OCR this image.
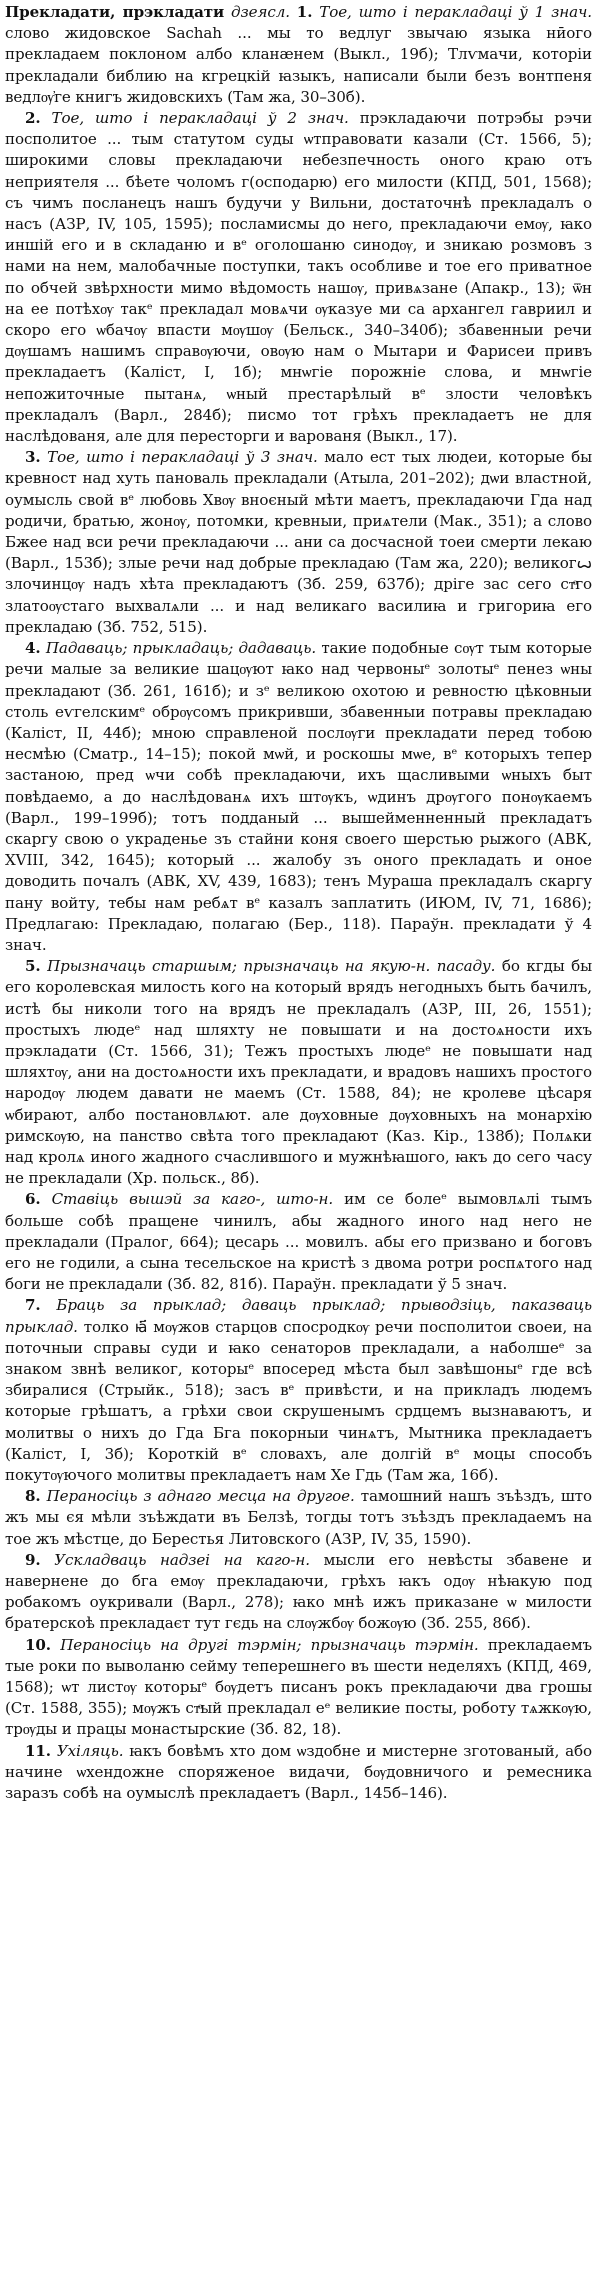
Прекладати, прэкладати дзеясл. 1. Тое, што і перакладаці ў 1 знач. слово жидовское Sachah ... мы то ведлуг звычаю языка нӣого прекладаем поклоном албо кланӕнем (Выкл., 19б); Тлѵмачи, которіи прекладали библию на кгрецкій ꙗзыкъ, написали были безъ вонтпеня ведлѹ҆ге книгъ жидовскихъ (Там жа, 30–30б).

2. Тое, што і перакладаці ў 2 знач. прэкладаючи потрэбы рэчи посполитое ... тым статутом суды ѡтправовати казали (Ст. 1566, 5); широкими словы прекладаючи небезпечность оного краю отъ неприятеля ... бѣете чоломъ г(осподарю) его милости (КПД, 501, 1568); съ чимъ посланецъ нашъ будучи у Вильни, достаточнѣ прекладалъ о насъ (АЗР, IV, 105, 1595); посламисмы до него, прекладаючи емѹ, ꙗко иншій его и в складаню и вᵉ оголошаню синодѹ, и зникаю розмовъ з нами на нем, малобачные поступки, такъ особливе и тое его приватное по обчей звѣрхности мимо вѣдомость нашѹ, привѧзане (Апакр., 13); ѿн на ее потѣхѹ такᵉ прекладал мовѧчи ѹказуе ми са архангел гавриил и скоро его ѡбачѹ впасти мѹшѹ (Бельск., 340–340б); збавенныи речи дѹшамъ нашимъ справѹючи, овѹю нам о Мытари и Фарисеи привъ прекладаетъ (Каліст, І, 1б); мнѡгіе порожніе слова, и мнѡгіе непожиточные пытанѧ, ѡный престарѣлый вᵉ злости человѣкъ прекладалъ (Варл., 284б); писмо тот грѣхъ прекладаетъ не для наслѣдованя, але для пересторги и варованя (Выкл., 17).

3. Тое, што і перакладаці ў 3 знач. мало ест тых людеи, которые бы кревност над хуть пановаль прекладали (Атыла, 201–202); дѡи властной, оумысль свой вᵉ любовь Хвѹ вноєный мѣти маетъ, прекладаючи Гдa над родичи, братью, жонѹ, потомки, кревныи, приѧтели (Мак., 351); а слово Бжее над вси речи прекладаючи ... ани са досчасной тоеи смерти лекаю (Варл., 153б); злые речи над добрые прекладаю (Там жа, 220); великогꙍ злочинцѹ надъ хѣта прекладаютъ (Зб. 259, 637б); дріге зас сего стͦго златоѹстаго выхвалѧли ... и над великаго василиꙗ и григориꙗ его прекладаю (Зб. 752, 515).

4. Падаваць; прыкладаць; дадаваць. такие подобные сѹт тым которые речи малые за великие шацѹют ꙗко над червоныᵉ золотыᵉ пенез ѡны прекладают (Зб. 261, 161б); и зᵉ великою охотою и ревностю цѣковныи столь еѵгелскимᵉ обрѹсомъ прикривши, збавенныи потравы прекладаю (Каліст, ІІ, 44б); мною справленой послѹги прекладати перед тобою несмѣю (Сматр., 14–15); покой мѡй, и роскошы мѡе, вᵉ которыхъ тепер застаною, пред ѡчи собѣ прекладаючи, ихъ щасливыми ѡныхъ быт повѣдаемо, а до наслѣдованѧ ихъ штѹкъ, ѡдинъ дрѹгого понѹкаемъ (Варл., 199–199б); тотъ подданый ... вышейменненный прекладатъ скаргу свою о украденье зъ стайни коня своего шерстью рыжого (АВК, XVIII, 342, 1645); который ... жалобу зъ оного прекладать и оное доводить почалъ (АВК, XV, 439, 1683); тенъ Мураша прекладалъ скаргу пану войту, тебы нам ребѧт вᵉ казалъ заплатить (ИЮМ, IV, 71, 1686); Предлагаю: Прекладаю, полагаю (Бер., 118). Параўн. прекладати ў 4 знач.

5. Прызначаць старшым; прызначаць на якую-н. пасаду. бо кгды бы его королевская милость кого на который врядъ негодныхъ быть бачилъ, истѣ бы николи того на врядъ не прекладалъ (АЗР, ІІІ, 26, 1551); простыхъ людеᵉ над шляхту не повышати и на достоѧности ихъ прэкладати (Ст. 1566, 31); Тежъ простыхъ людеᵉ не повышати над шляхтѹ, ани на достоѧности ихъ прекладати, и врадовъ нашихъ простого народѹ людем давати не маемъ (Ст. 1588, 84); не кролеве цѣсаря ѡбирают, албо постановлѧют. але дѹховные дѹховныхъ на монархію римскѹю, на панство свѣта того прекладают (Каз. Кір., 138б); Полѧки над кролѧ иного жадного счаслившого и мужнѣꙗшого, ꙗкъ до сего часу не прекладали (Хр. польск., 8б).

6. Ставіць вышэй за каго-, што-н. им се болеᵉ вымовлѧлі тымъ больше собѣ пращене чинилъ, абы жадного иного над него не прекладали (Пралог, 664); цесарь ... мовилъ. абы его призвано и боговъ его не годили, а сына тесельское на кристѣ з двома ротри роспѧтого над боги не прекладали (Зб. 82, 81б). Параўн. прекладати ў 5 знач.

7. Браць за прыклад; даваць прыклад; прыводзіць, паказваць прыклад. толко ꙗ҃ мѹжов старцов спосродкѹ речи посполитои своеи, на поточныи справы суди и ꙗко сенаторов прекладали, а наболшеᵉ за знаком звнѣ великог, которыᵉ впосеред мѣста был завѣшоныᵉ где всѣ збиралися (Стрыйк., 518); засъ вᵉ привѣсти, и на прикладъ людемъ которые грѣшатъ, а грѣхи свои скрушенымъ срдцемъ вызнаваютъ, и молитвы о нихъ до Гда Бга покорныи чинѧтъ, Мытника прекладаетъ (Каліст, І, 3б); Короткій вᵉ словахъ, але долгій вᵉ моцы способъ покутѹючого молитвы прекладаетъ нам Хе Гдь (Там жа, 16б).

8. Пераносіць з аднаго месца на другое. тамошний нашъ зъѣздъ, што жъ мы єя мѣли зъѣждати въ Белзѣ, тогды тотъ зъѣздъ прекладаемъ на тое жъ мѣстце, до Берестья Литовского (АЗР, IV, 35, 1590).

9. Ускладваць надзеі на каго-н. мысли его невѣсты збавене и навернене до бга емѹ прекладаючи, грѣхъ ꙗкъ одѹ нѣꙗкую под робакомъ оукривали (Варл., 278); ꙗко мнѣ ижъ приказане ѡ милости братерскоѣ прекладаєт тут гєдь на слѹжбѹ божѹю (Зб. 255, 86б).

10. Пераносіць на другі тэрмін; прызначаць тэрмін. прекладаемъ тые роки по выволаню сейму теперешнего въ шести неделяхъ (КПД, 469, 1568); ѡт листѹ которыᵉ бѹдетъ писанъ рокъ прекладаючи два грошы (Ст. 1588, 355); мѹжъ стͦый прекладал еᵉ великие посты, роботу тѧжкѹю, трѹды и працы монастырские (Зб. 82, 18).

11. Ухіляць. ꙗкъ бовѣмъ хто дом ѡздобне и мистерне зготованый, або начине ѡхендожне споряженое видачи, бѹдовничого и ремесника заразъ собѣ на оумыслѣ прекладаетъ (Варл., 145б–146).
